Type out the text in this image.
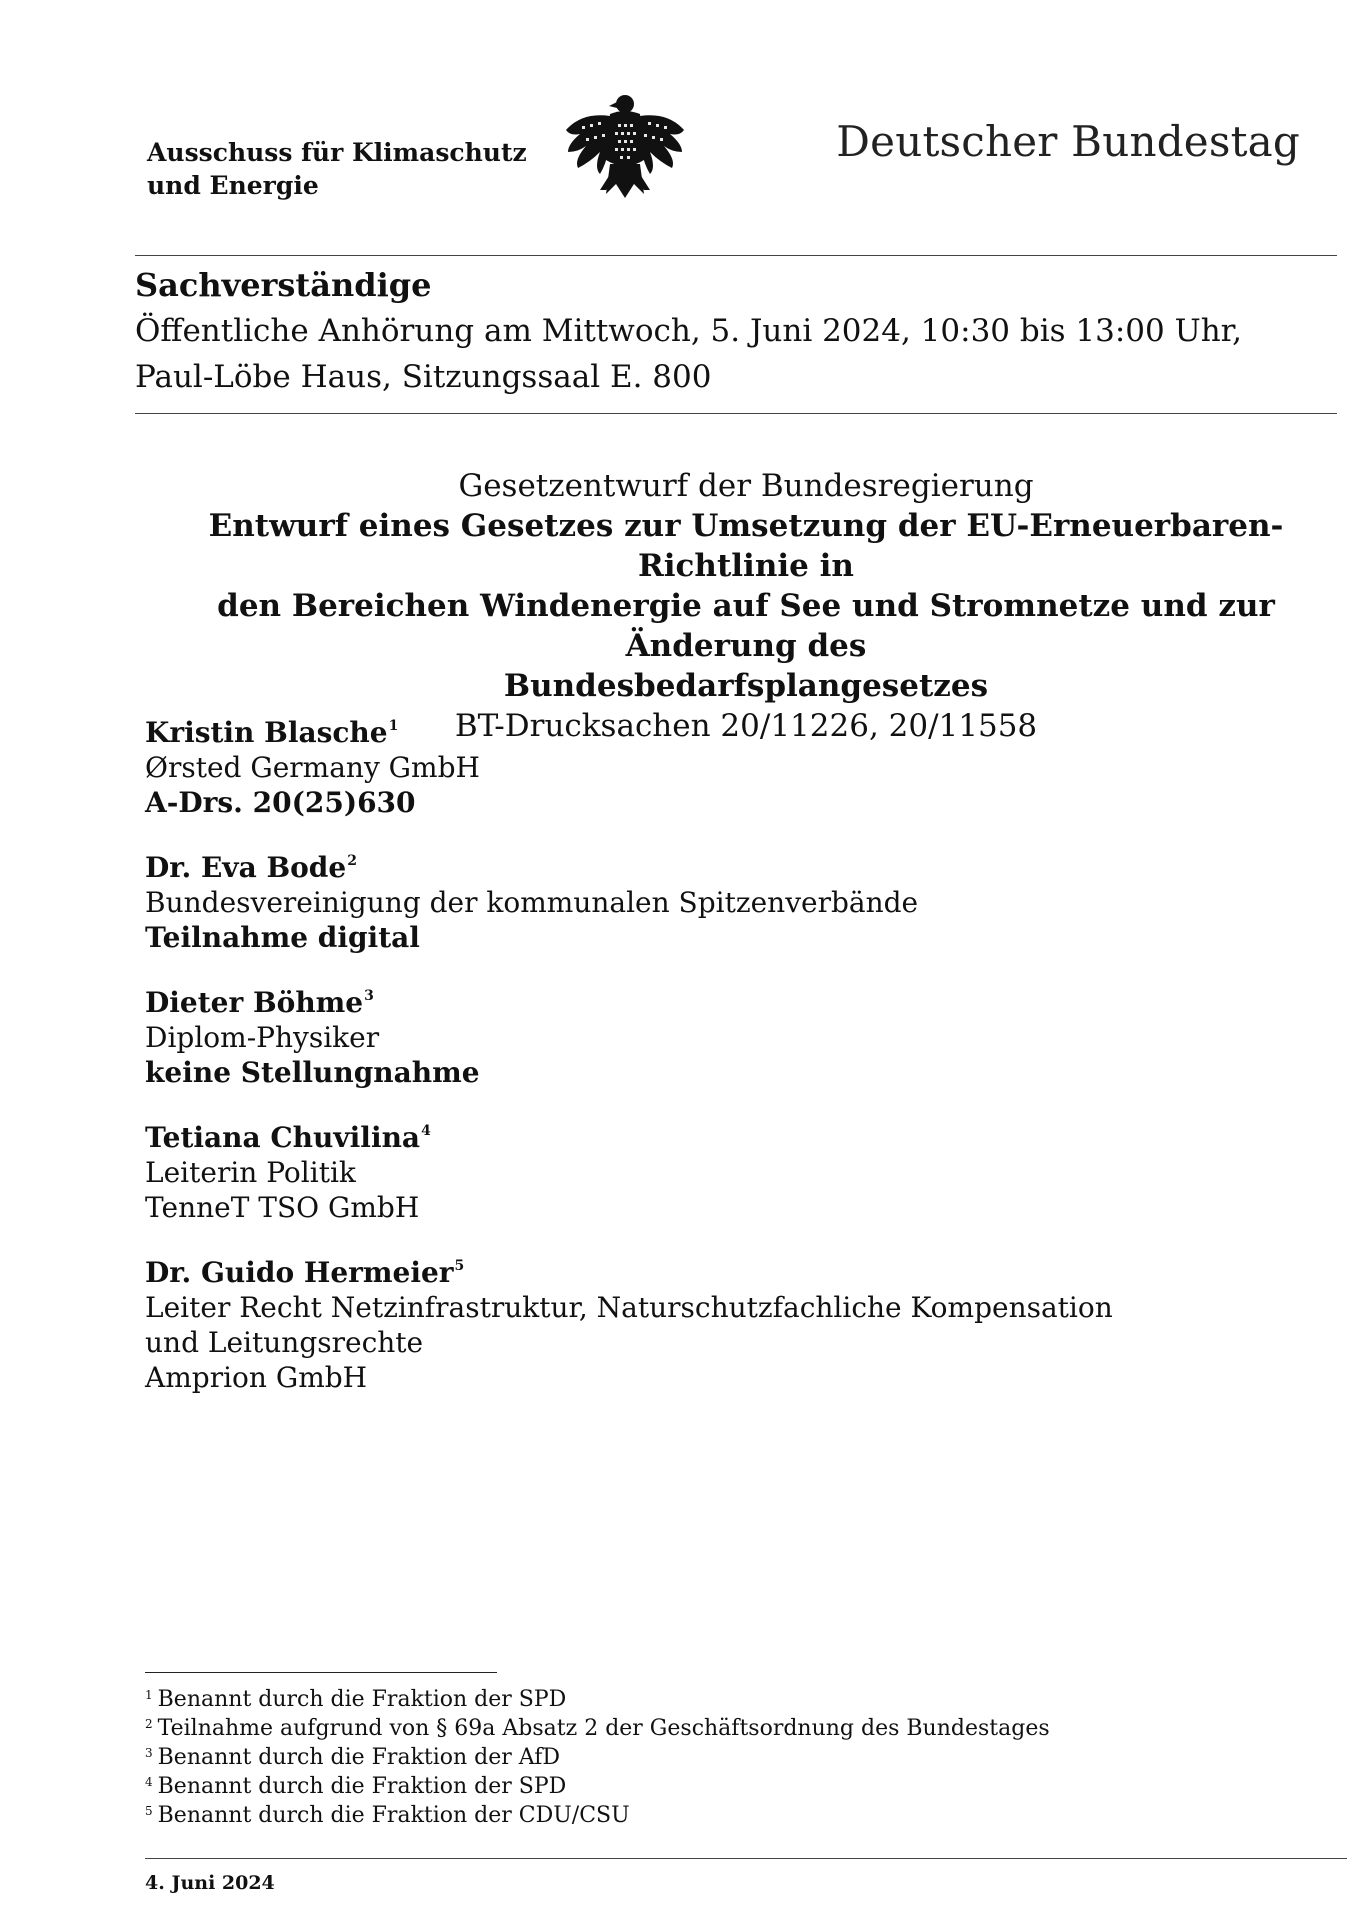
Ausschuss für Klimaschutz
und Energie
Deutscher Bundestag
Sachverständige
Öffentliche Anhörung am Mittwoch, 5. Juni 2024, 10:30 bis 13:00 Uhr,
Paul-Löbe Haus, Sitzungssaal E. 800
Gesetzentwurf der Bundesregierung
Entwurf eines Gesetzes zur Umsetzung der EU-Erneuerbaren-Richtlinie in
den Bereichen Windenergie auf See und Stromnetze und zur Änderung des
Bundesbedarfsplangesetzes
BT-Drucksachen 20/11226, 20/11558
Kristin Blasche$^1$
Ørsted Germany GmbH
A-Drs. 20(25)630
Dr. Eva Bode$^2$
Bundesvereinigung der kommunalen Spitzenverbände
Teilnahme digital
Dieter Böhme$^3$
Diplom-Physiker
keine Stellungnahme
Tetiana Chuvilina$^4$
Leiterin Politik
TenneT TSO GmbH
Dr. Guido Hermeier$^5$
Leiter Recht Netzinfrastruktur, Naturschutzfachliche Kompensation
und Leitungsrechte
Amprion GmbH
$^1$ Benannt durch die Fraktion der SPD
$^2$ Teilnahme aufgrund von § 69a Absatz 2 der Geschäftsordnung des Bundestages
$^3$ Benannt durch die Fraktion der AfD
$^4$ Benannt durch die Fraktion der SPD
$^5$ Benannt durch die Fraktion der CDU/CSU
4. Juni 2024
